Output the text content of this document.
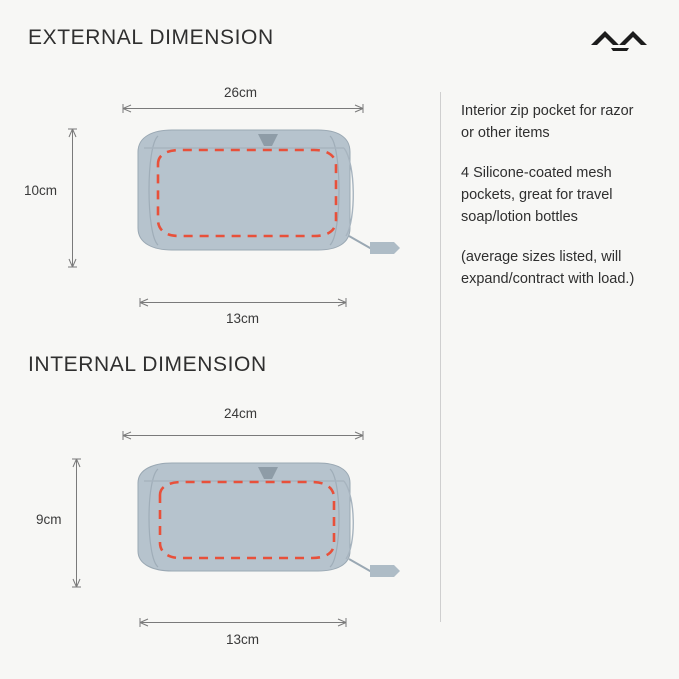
EXTERNAL DIMENSION
INTERNAL DIMENSION

Interior zip pocket for razor or other items

4 Silicone-coated mesh pockets, great for travel soap/lotion bottles

(average sizes listed, will expand/contract with load.)

26cm
10cm
13cm
24cm
9cm
13cm
